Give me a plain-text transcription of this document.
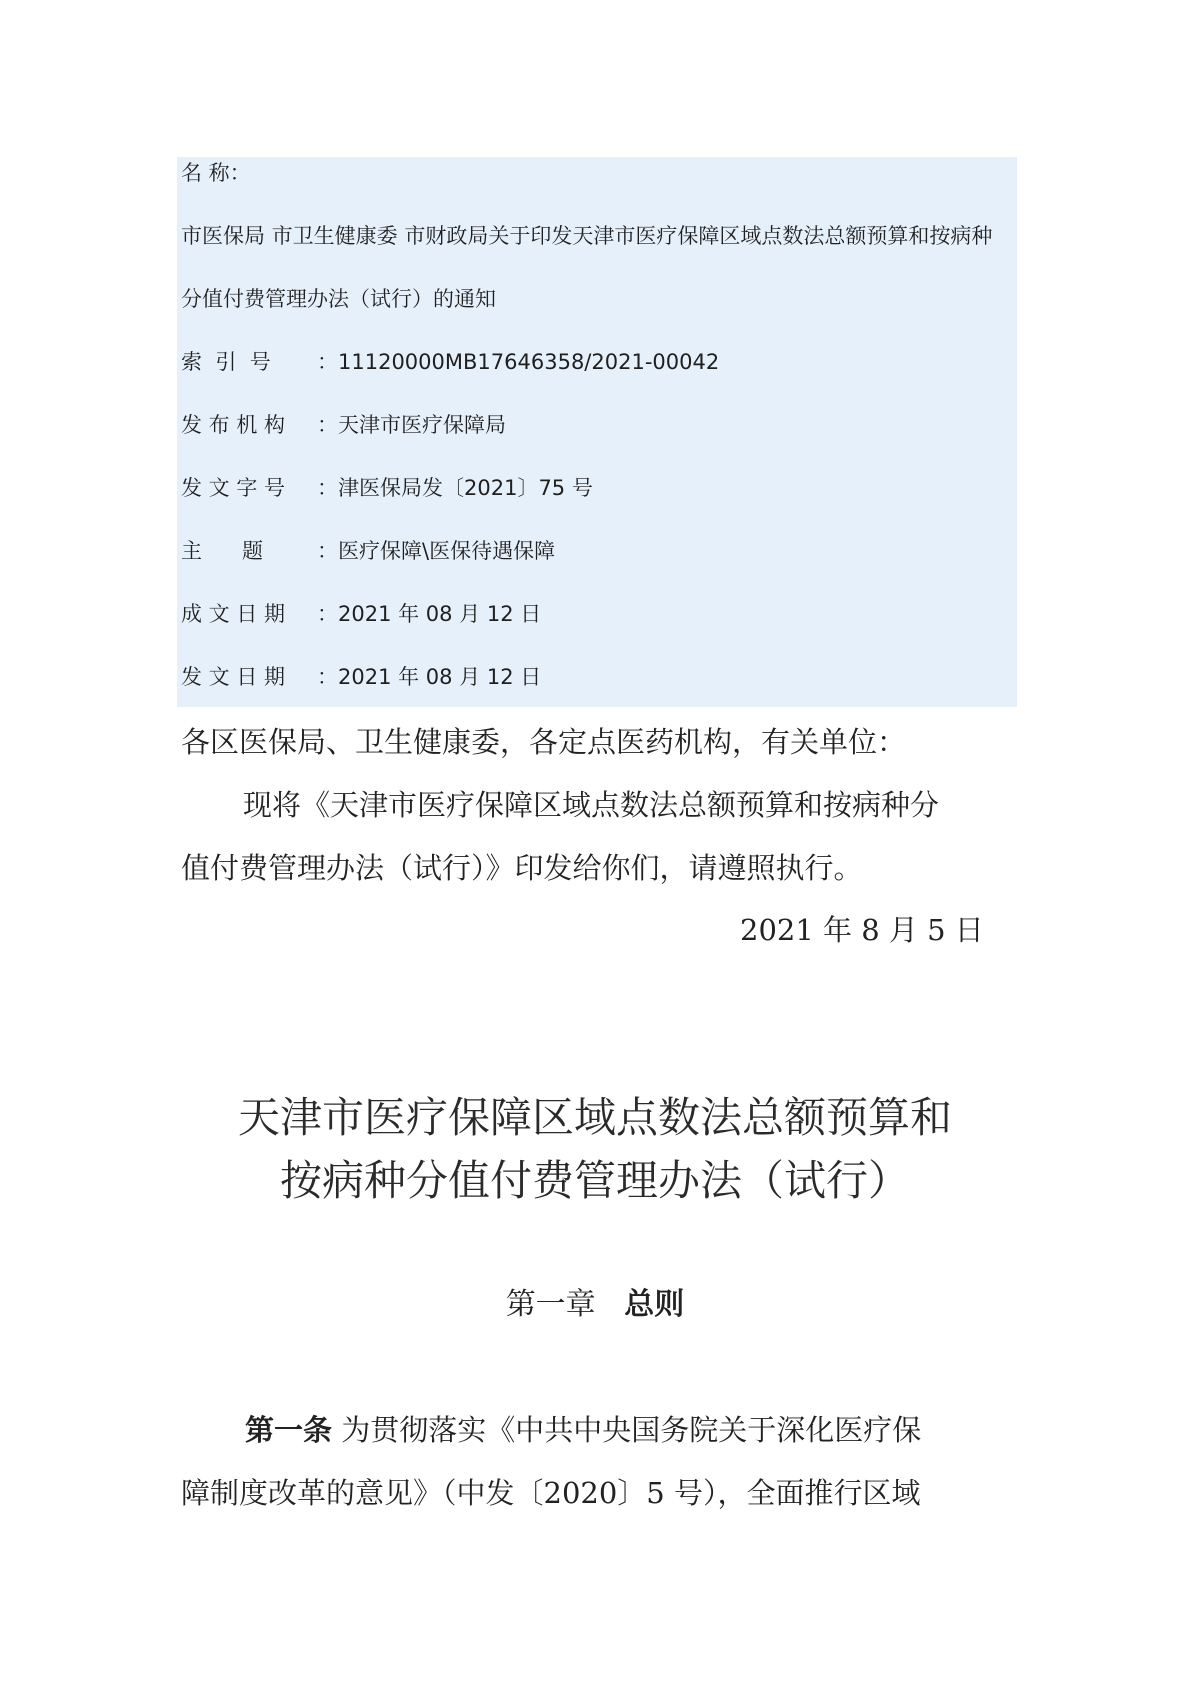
名 称：
市医保局 市卫生健康委 市财政局关于印发天津市医疗保障区域点数法总额预算和按病种
分值付费管理办法（试行）的通知
索  引  号 ：11120000MB17646358/2021-00042
发 布 机 构 ：天津市医疗保障局
发 文 字 号 ：津医保局发〔2021〕75 号
主      题	：医疗保障\医保待遇保障
成 文 日 期 ：2021 年 08 月 12 日
发 文 日 期 ：2021 年 08 月 12 日
各区医保局、卫生健康委，各定点医药机构，有关单位：
现将《天津市医疗保障区域点数法总额预算和按病种分
值付费管理办法（试行）》印发给你们，请遵照执行。
2021 年 8 月 5 日
天津市医疗保障区域点数法总额预算和
按病种分值付费管理办法（试行）
第一章 总则
第一条 为贯彻落实《中共中央国务院关于深化医疗保
障制度改革的意见》（中发〔2020〕5 号），全面推行区域
